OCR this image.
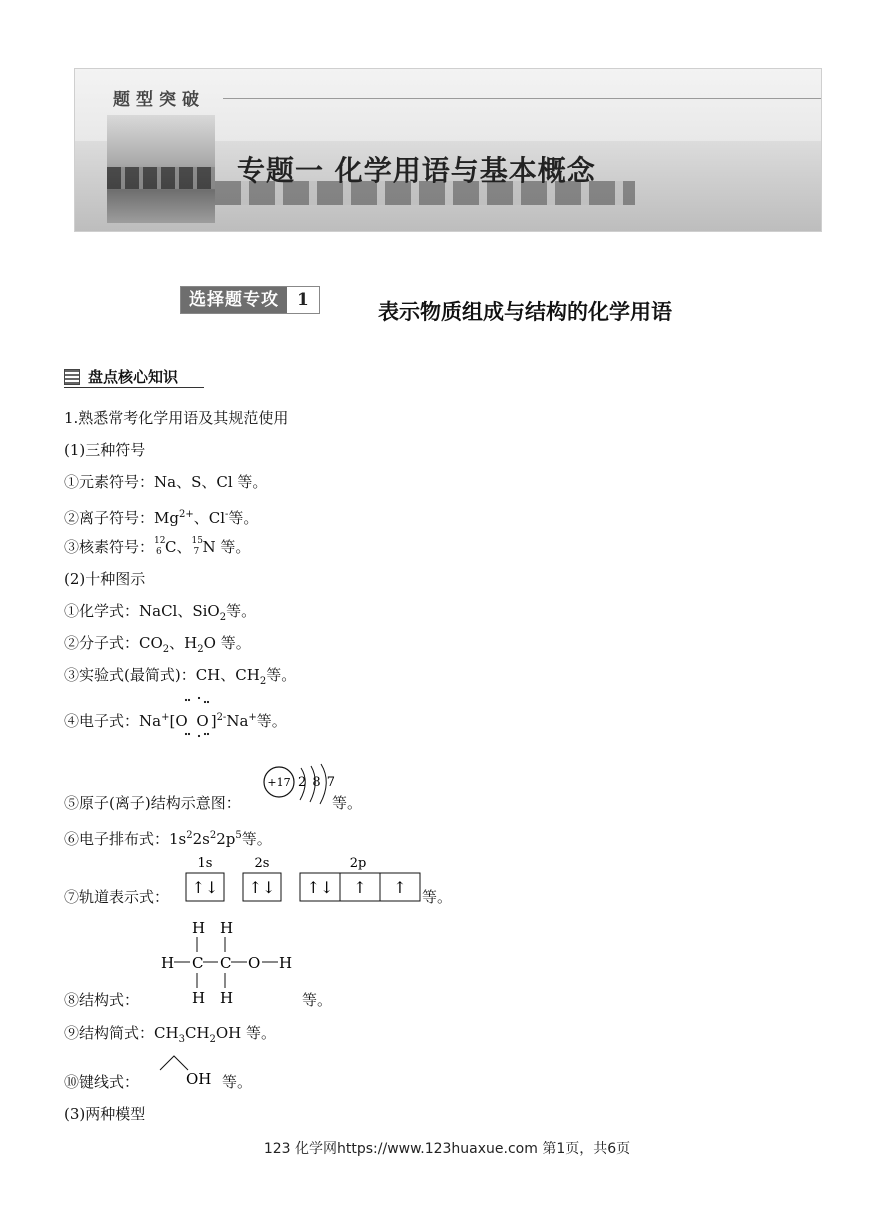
题型突破
专题一 化学用语与基本概念
选择题专攻	1	表示物质组成与结构的化学用语
盘点核心知识
1.熟悉常考化学用语及其规范使用
(1)三种符号
①元素符号：Na、S、Cl 等。
②离子符号：$Mg^{2+}$、Cl-等。
③核素符号： 12
6 C、 15
7 N 等。
(2)十种图示
①化学式：NaCl、SiO$_2$等。
②分子式：$CO_2$、$H_2O$ 等。
③实验式(最简式)：CH、$CH_2$等。
④电子式：Na+[O O]$^{2-}$Na+等。
⑤原子(离子)结构示意图：
+17 2 8 7
等。
⑥电子排布式：$1s^22s^22p^5$等。
⑦轨道表示式：
1s	2s	2p
↑↓ ↑↓ ↑↓ ↑ ↑ 等。
⑧结构式：
H H
H C C O H
H H	等。
⑨结构简式：$CH_3CH_2OH$ 等。
⑩键线式：	OH 等。
(3)两种模型
123 化学网https://www.123huaxue.com 第1页，共6页
